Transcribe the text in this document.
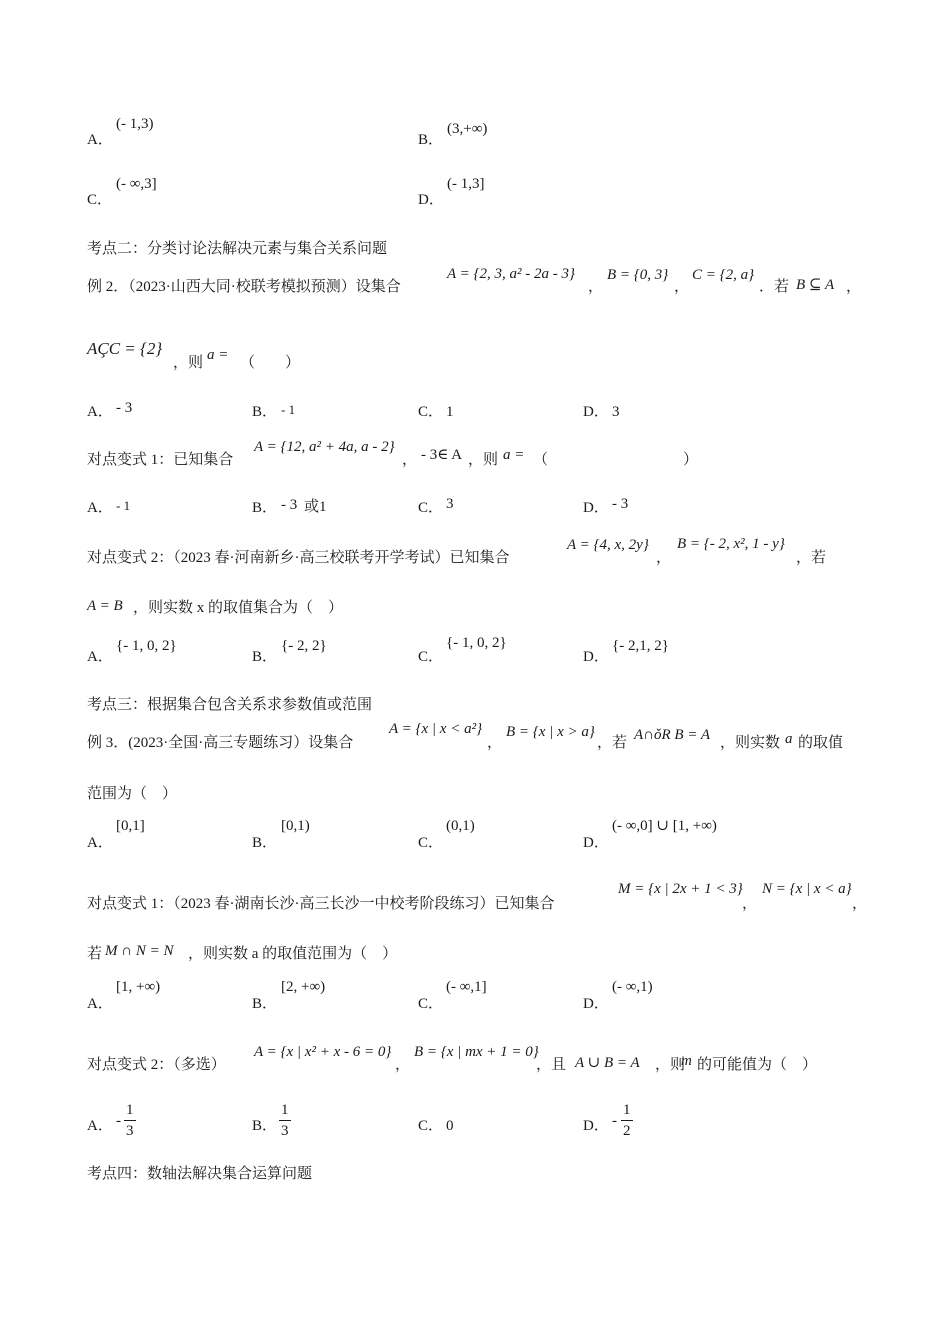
A．
(- 1,3)
B．
(3,+∞)
C．
(- ∞,3]
D．
(- 1,3]
考点二：分类讨论法解决元素与集合关系问题
例 2．（2023·山西大同·校联考模拟预测）设集合
A = {2, 3, a² - 2a - 3}
，
B = {0, 3}
，
C = {2, a}
．若 B ⊆ A ，
AÇC = {2}
，则 a = （　　）
A． - 3	B． - 1	C． 1	D． 3
对点变式 1：已知集合
A = {12, a² + 4a, a - 2}
， - 3∈ A ，则 a = （　　　　　　　　　）
A． - 1	B． - 3 或1	C． 3	D． - 3
对点变式 2：（2023 春·河南新乡·高三校联考开学考试）已知集合
A = {4, x, 2y}
，
B = {- 2, x², 1 - y}
，若
A = B ，则实数 x 的取值集合为（　）
A．
{- 1, 0, 2}
B．
{- 2, 2}
C．
{- 1, 0, 2}
D．
{- 2,1, 2}
考点三：根据集合包含关系求参数值或范围
例 3．(2023·全国·高三专题练习）设集合
A = {x | x < a²}
，
B = {x | x > a}
，若 A∩ǒR B = A ，则实数 a 的取值
范围为（　）
A．
[0,1]
B．
[0,1)
C．
(0,1)
D．
(- ∞,0] ∪ [1, +∞)
对点变式 1：（2023 春·湖南长沙·高三长沙一中校考阶段练习）已知集合
M = {x | 2x + 1 < 3}
，
N = {x | x < a}
，
若 M ∩ N = N ，则实数 a 的取值范围为（　）
A．
[1, +∞)
B．
[2, +∞)
C．
(- ∞,1]
D．
(- ∞,1)
对点变式 2：（多选）
A = {x | x² + x - 6 = 0}
，
B = {x | mx + 1 = 0}
，且 A ∪ B = A ，则
m 的可能值为（　）
A． - $\frac{1}{3}$	B． $\frac{1}{3}$	C． 0	D． - $\frac{1}{2}$
考点四：数轴法解决集合运算问题
